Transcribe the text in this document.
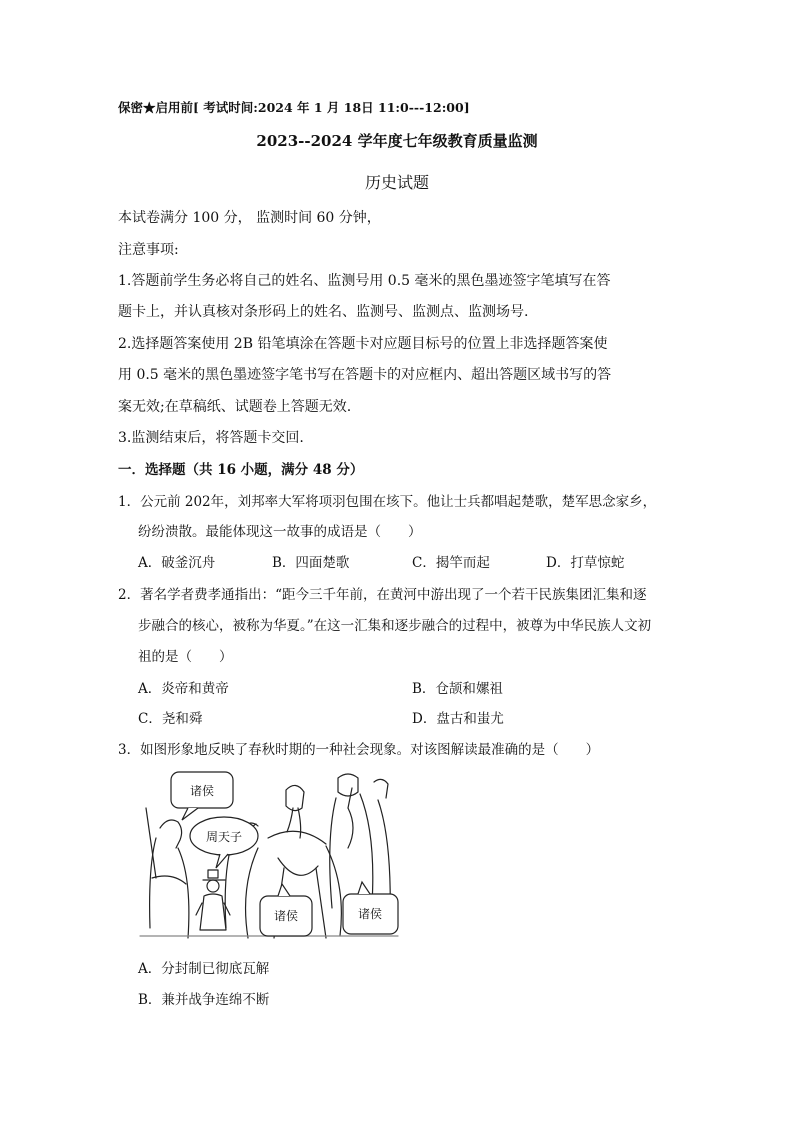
保密★启用前[ 考试时间:2024 年 1 月 18日 11:0---12:00]
2023--2024 学年度七年级教育质量监测
历史试题
本试卷满分 100 分， 监测时间 60 分钟，
注意事项:
1.答题前学生务必将自己的姓名、监测号用 0.5 毫米的黑色墨迹签字笔填写在答
题卡上，并认真核对条形码上的姓名、监测号、监测点、监测场号.
2.选择题答案使用 2B 铅笔填涂在答题卡对应题目标号的位置上非选择题答案使
用 0.5 毫米的黑色墨迹签字笔书写在答题卡的对应框内、超出答题区域书写的答
案无效;在草稿纸、试题卷上答题无效.
3.监测结束后，将答题卡交回.
一．选择题（共 16 小题，满分 48 分）
1．公元前 202年，刘邦率大军将项羽包围在垓下。他让士兵都唱起楚歌，楚军思念家乡，
纷纷溃散。最能体现这一故事的成语是（　　）
A．破釜沉舟	B．四面楚歌	C．揭竿而起	D．打草惊蛇
2．著名学者费孝通指出：“距今三千年前，在黄河中游出现了一个若干民族集团汇集和逐
步融合的核心，被称为华夏。”在这一汇集和逐步融合的过程中，被尊为中华民族人文初
祖的是（　　）
A．炎帝和黄帝	B．仓颉和嫘祖
C．尧和舜	D．盘古和蚩尤
3．如图形象地反映了春秋时期的一种社会现象。对该图解读最准确的是（　　）
诸侯
周天子
诸侯	诸侯
A．分封制已彻底瓦解
B．兼并战争连绵不断
